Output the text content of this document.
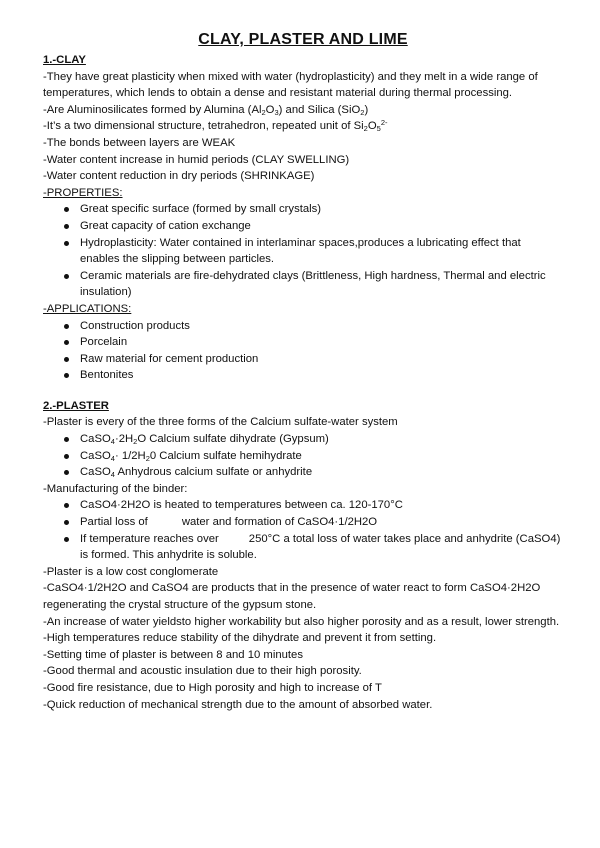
CLAY, PLASTER AND LIME

1.-CLAY

-They have great plasticity when mixed with water (hydroplasticity) and they melt in a wide range of temperatures, which lends to obtain a dense and resistant material during thermal processing.

-Are Aluminosilicates formed by Alumina $(Al_2O_3)$ and Silica (SiO$_2$)

-It’s a two dimensional structure, tetrahedron, repeated unit of $Si_2O_5^{2-}$

-The bonds between layers are WEAK

-Water content increase in humid periods (CLAY SWELLING)

-Water content reduction in dry periods (SHRINKAGE)

-PROPERTIES:

Great specific surface (formed by small crystals)
Great capacity of cation exchange
Hydroplasticity: Water contained in interlaminar spaces,produces a lubricating effect that enables the slipping between particles.
Ceramic materials are fire-dehydrated clays (Brittleness, High hardness, Thermal and electric insulation)

-APPLICATIONS:

Construction products
Porcelain
Raw material for cement production
Bentonites

2.-PLASTER

-Plaster is every of the three forms of the Calcium sulfate-water system

$CaSO_4\cdot 2H_2O$ Calcium sulfate dihydrate (Gypsum)
CaSO$_4$· $1/2H_20$ Calcium sulfate hemihydrate
CaSO$_4$ Anhydrous calcium sulfate or anhydrite

-Manufacturing of the binder:

CaSO4·2H2O is heated to temperatures between ca. 120-170°C
Partial loss of	water and formation of CaSO4·1/2H2O
If temperature reaches over	250°C a total loss of water takes place and anhydrite (CaSO4) is formed. This anhydrite is soluble.

-Plaster is a low cost conglomerate

-CaSO4·1/2H2O and CaSO4 are products that in the presence of water react to form CaSO4·2H2O regenerating the crystal structure of the gypsum stone.

-An increase of water yieldsto higher workability but also higher porosity and as a result, lower strength.

-High temperatures reduce stability of the dihydrate and prevent it from setting.

-Setting time of plaster is between 8 and 10 minutes

-Good thermal and acoustic insulation due to their high porosity.

-Good fire resistance, due to High porosity and high to increase of T

-Quick reduction of mechanical strength due to the amount of absorbed water.
